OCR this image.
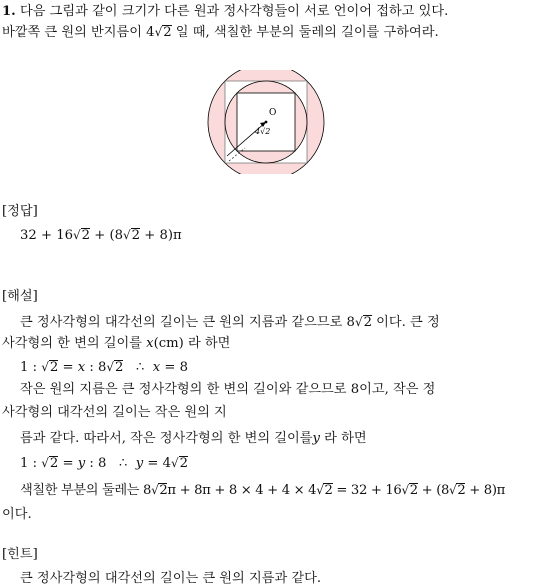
1. 다음 그림과 같이 크기가 다른 원과 정사각형들이 서로 언이어 접하고 있다.
바깥쪽 큰 원의 반지름이 4√2 일 때, 색칠한 부분의 둘레의 길이를 구하여라.
O
4√2
[정답]
32 + 16√2 + (8√2 + 8)π
[해설]
큰 정사각형의 대각선의 길이는 큰 원의 지름과 같으므로 8√2 이다. 큰 정
사각형의 한 변의 길이를 x(cm) 라 하면
1 : √2 = x : 8√2   ∴  x = 8
작은 원의 지름은 큰 정사각형의 한 변의 길이와 같으므로 8이고, 작은 정
사각형의 대각선의 길이는 작은 원의 지
름과 같다. 따라서, 작은 정사각형의 한 변의 길이를y 라 하면
1 : √2 = y : 8   ∴  y = 4√2
색칠한 부분의 둘레는 8√2π + 8π + 8 × 4 + 4 × 4√2 = 32 + 16√2 + (8√2 + 8)π
이다.
[힌트]
큰 정사각형의 대각선의 길이는 큰 원의 지름과 같다.
